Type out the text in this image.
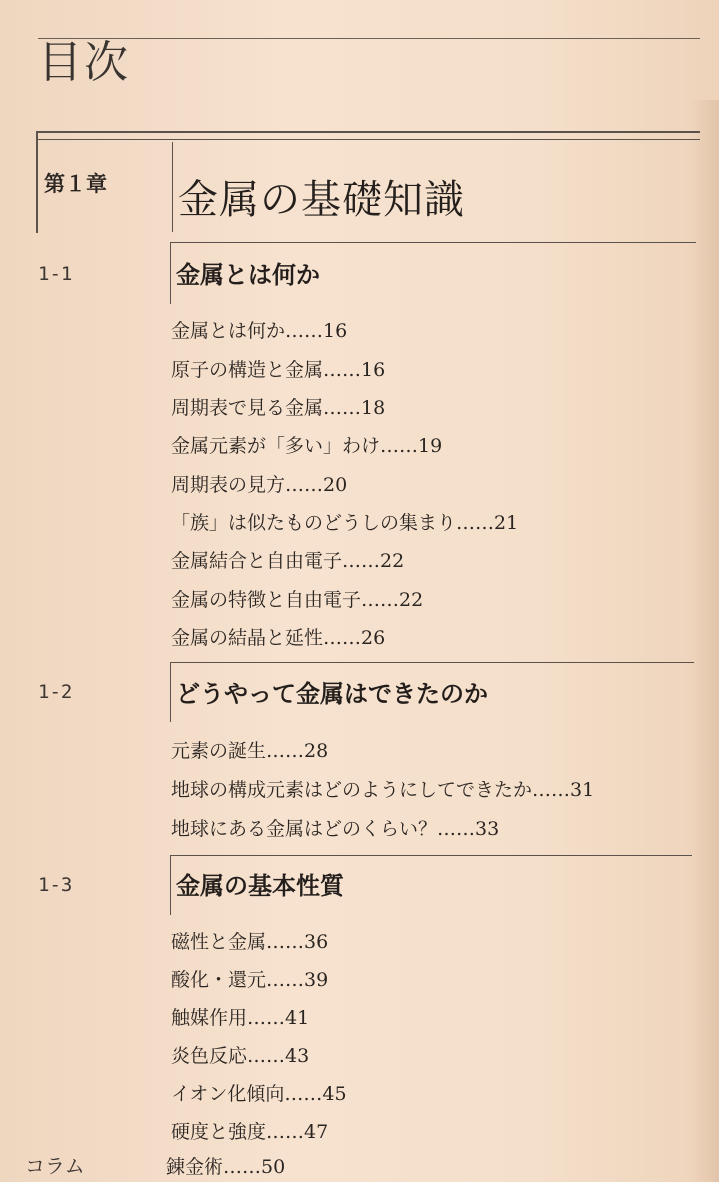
目次
第１章 金属の基礎知識
1-1	金属とは何か
金属とは何か……16
原子の構造と金属……16
周期表で見る金属……18
金属元素が「多い」わけ……19
周期表の見方……20
「族」は似たものどうしの集まり……21
金属結合と自由電子……22
金属の特徴と自由電子……22
金属の結晶と延性……26
1-2	どうやって金属はできたのか
元素の誕生……28
地球の構成元素はどのようにしてできたか……31
地球にある金属はどのくらい？……33
1-3	金属の基本性質
磁性と金属……36
酸化・還元……39
触媒作用……41
炎色反応……43
イオン化傾向……45
硬度と強度……47
コラム	錬金術……50
